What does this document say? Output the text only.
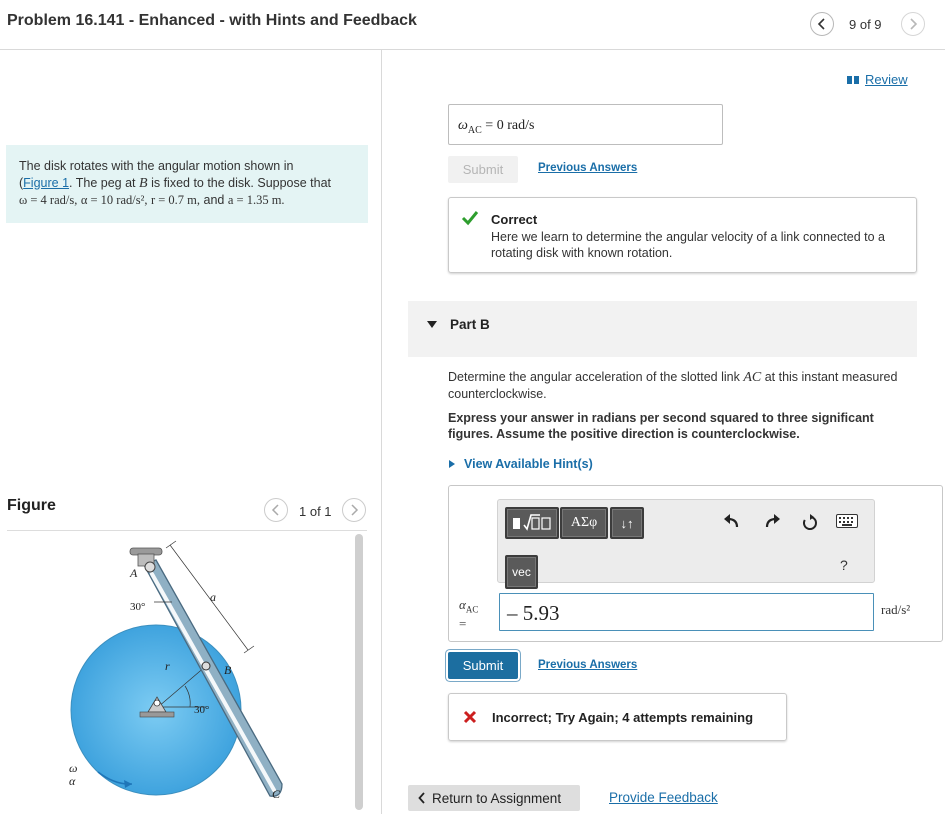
Problem 16.141 - Enhanced - with Hints and Feedback	9 of 9
The disk rotates with the angular motion shown in
(Figure 1. The peg at B is fixed to the disk. Suppose that
ω = 4 rad/s, α = 10 rad/s², r = 0.7 m, and a = 1.35 m.
Figure	1 of 1
A
30°
a
r	B
30°
C
ω
α
Review
$\omega_{AC} = 0$ rad/s
Submit	Previous Answers
Correct
Here we learn to determine the angular velocity of a link connected to a rotating disk with known rotation.
Part B
Determine the angular acceleration of the slotted link AC at this instant measured counterclockwise.
Express your answer in radians per second squared to three significant figures. Assume the positive direction is counterclockwise.
View Available Hint(s)
ΑΣφ	↓↑
vec	?
$\alpha_{AC}$
=	– 5.93	rad/s²
Submit	Previous Answers
Incorrect; Try Again; 4 attempts remaining
Return to Assignment	Provide Feedback
